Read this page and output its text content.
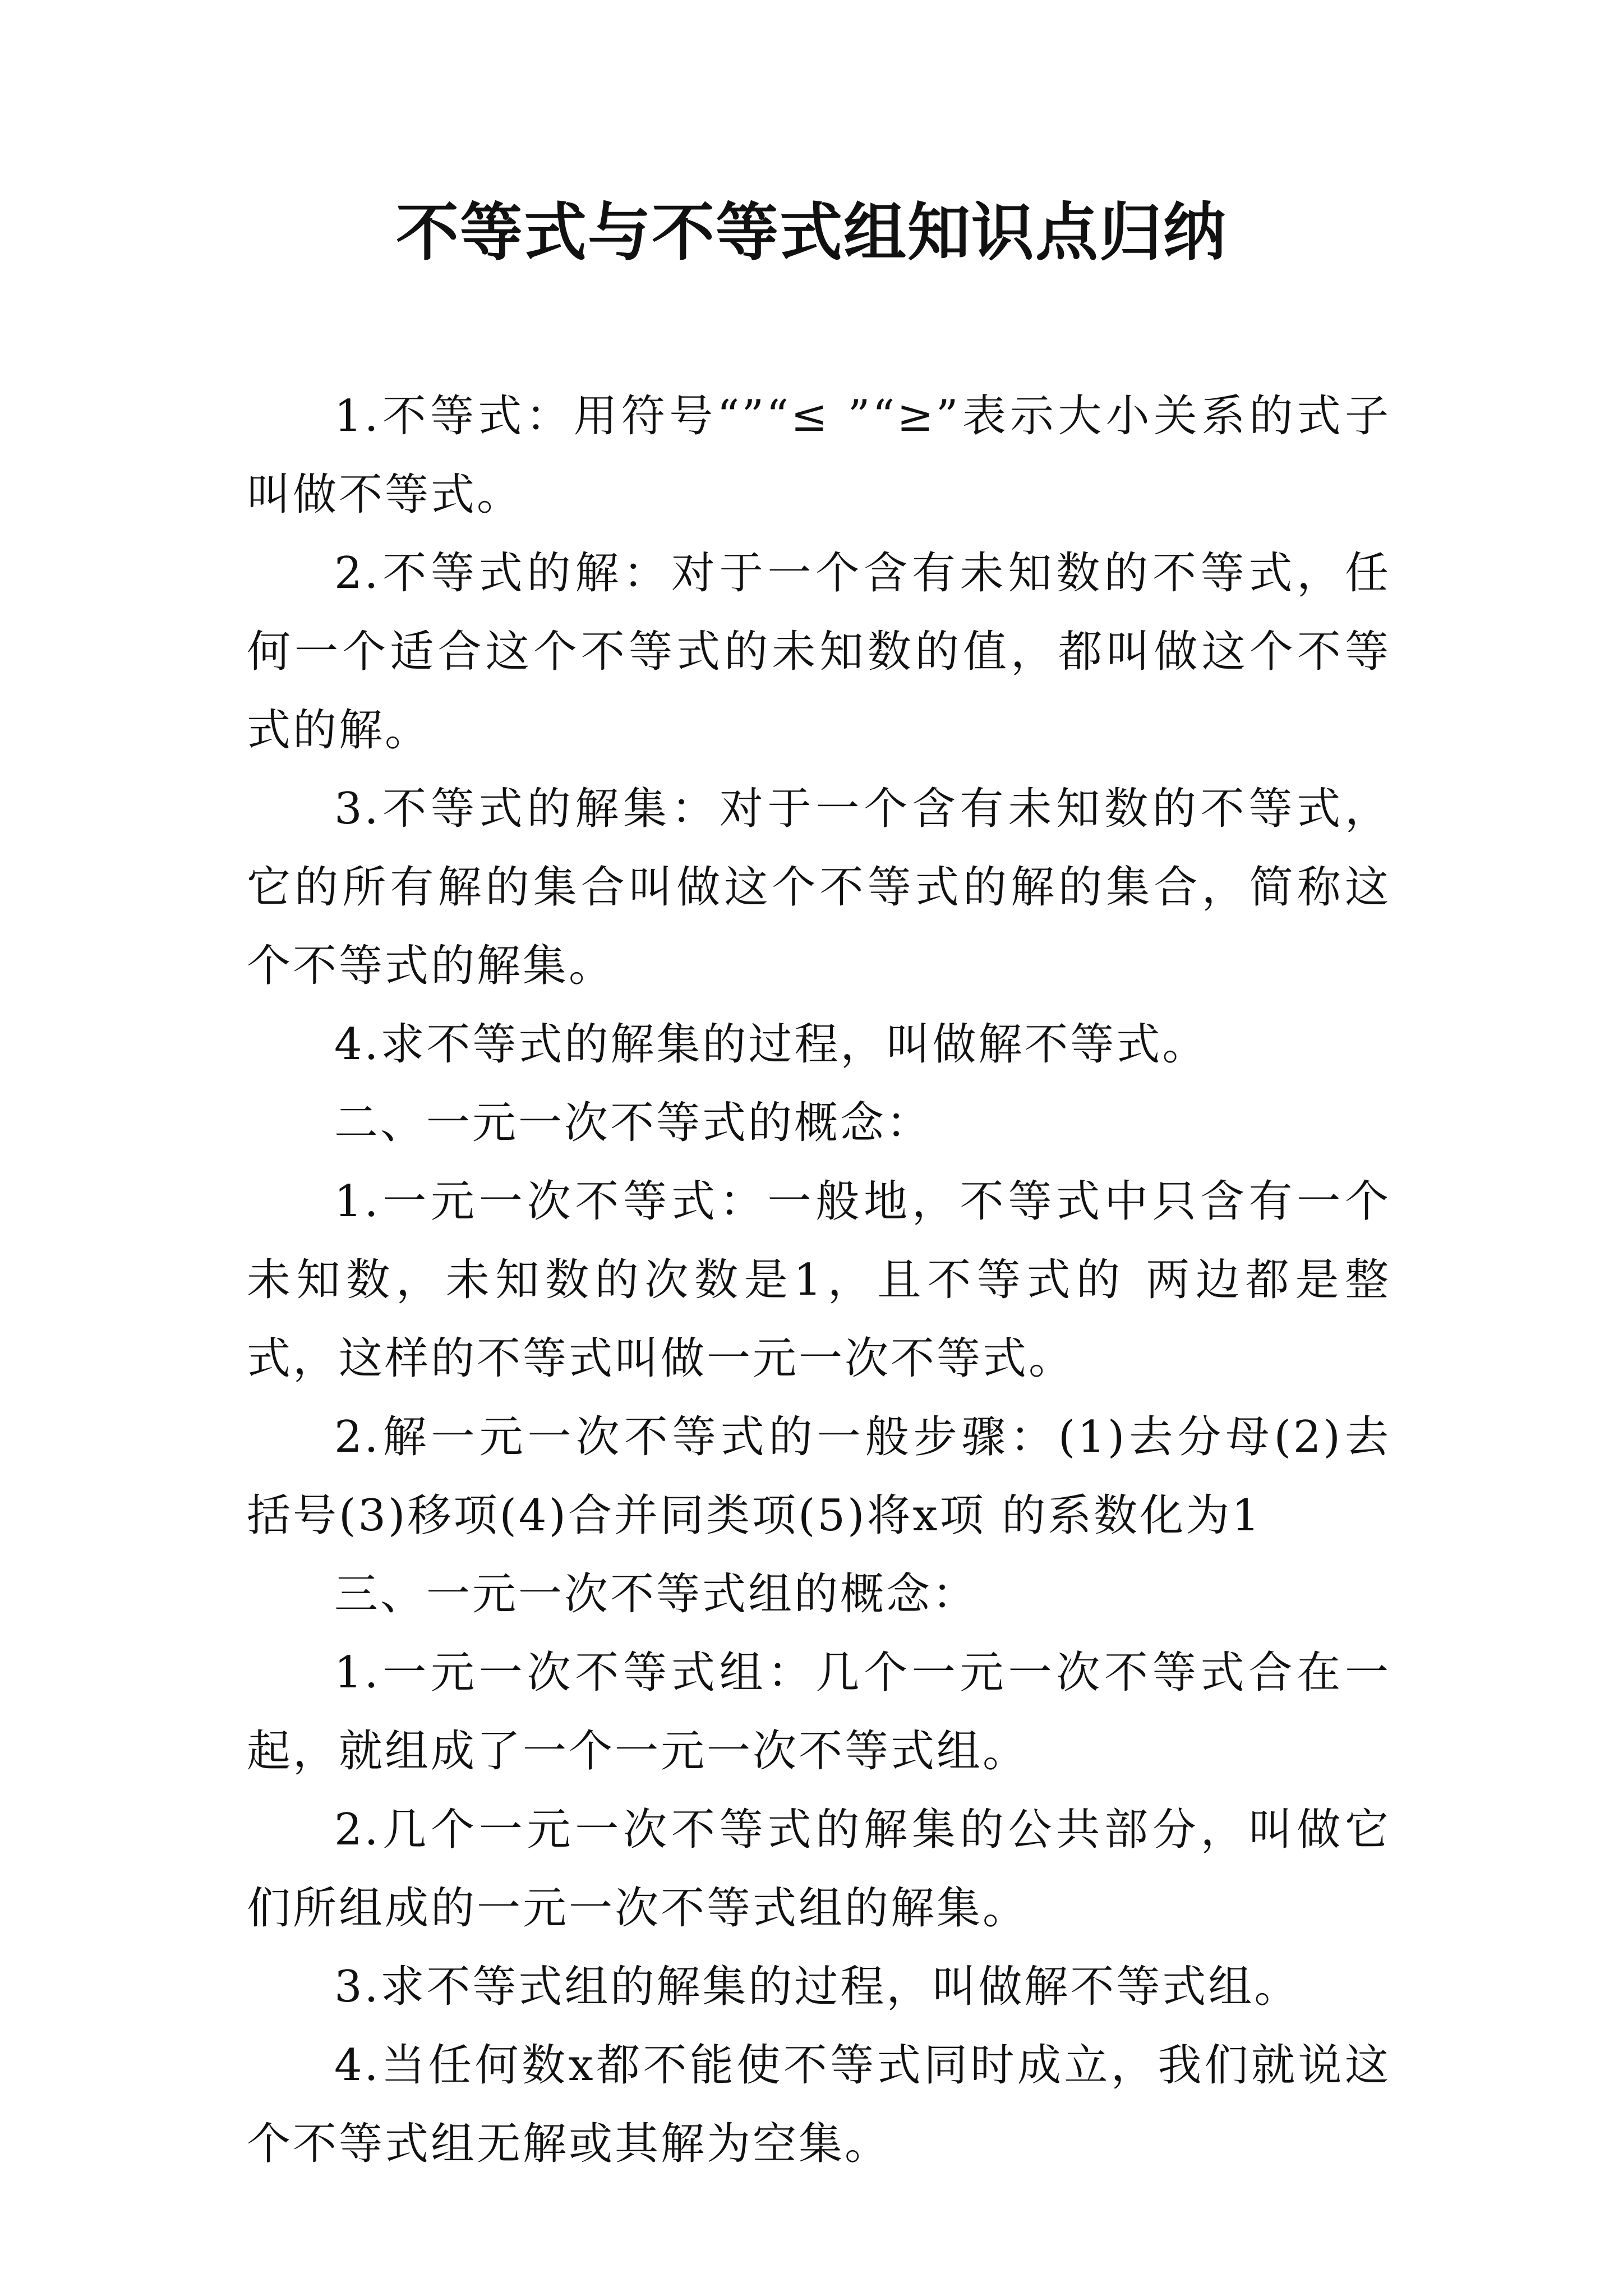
不等式与不等式组知识点归纳

1.不等式：用符号“”“≤ ”“≥”表示大小关系的式子叫做不等式。

2.不等式的解：对于一个含有未知数的不等式，任何一个适合这个不等式的未知数的值，都叫做这个不等式的解。

3.不等式的解集：对于一个含有未知数的不等式，它的所有解的集合叫做这个不等式的解的集合，简称这个不等式的解集。

4.求不等式的解集的过程，叫做解不等式。

二、一元一次不等式的概念：

1.一元一次不等式：一般地，不等式中只含有一个未知数，未知数的次数是1，且不等式的 两边都是整式，这样的不等式叫做一元一次不等式。

2.解一元一次不等式的一般步骤：(1)去分母(2)去括号(3)移项(4)合并同类项(5)将x项 的系数化为1

三、一元一次不等式组的概念：

1.一元一次不等式组：几个一元一次不等式合在一起，就组成了一个一元一次不等式组。

2.几个一元一次不等式的解集的公共部分，叫做它们所组成的一元一次不等式组的解集。

3.求不等式组的解集的过程，叫做解不等式组。

4.当任何数x都不能使不等式同时成立，我们就说这个不等式组无解或其解为空集。
